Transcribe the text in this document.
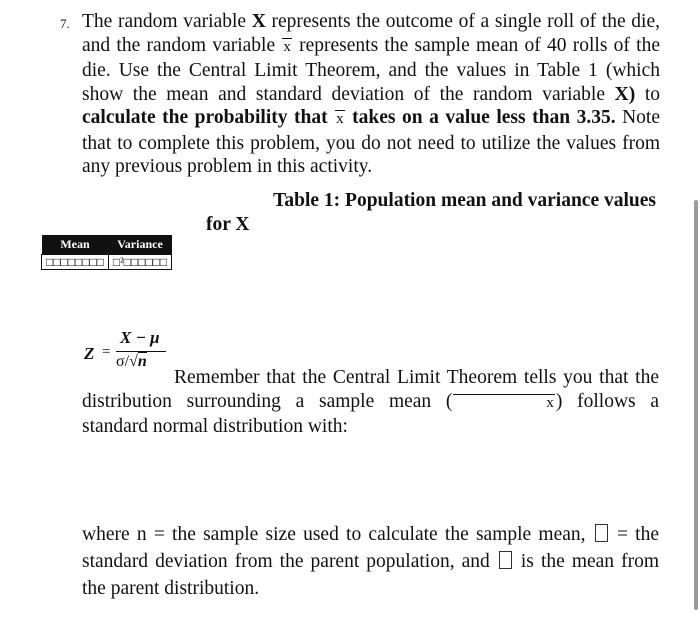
7. The random variable X represents the outcome of a single roll of the die, and the random variable x represents the sample mean of 40 rolls of the die. Use the Central Limit Theorem, and the values in Table 1 (which show the mean and standard deviation of the random variable X) to calculate the probability that x takes on a value less than 3.35. Note that to complete this problem, you do not need to utilize the values from any previous problem in this activity.
Table 1: Population mean and variance values
for X
Mean	Variance
□□□□□□□□	□²□□□□□□
Z =
X − μ
σ/√n
Remember that the Central Limit Theorem tells you that the distribution surrounding a sample mean (	x ) follows a standard normal distribution with:
where n = the sample size used to calculate the sample mean,  = the standard deviation from the parent population, and  is the mean from the parent distribution.
